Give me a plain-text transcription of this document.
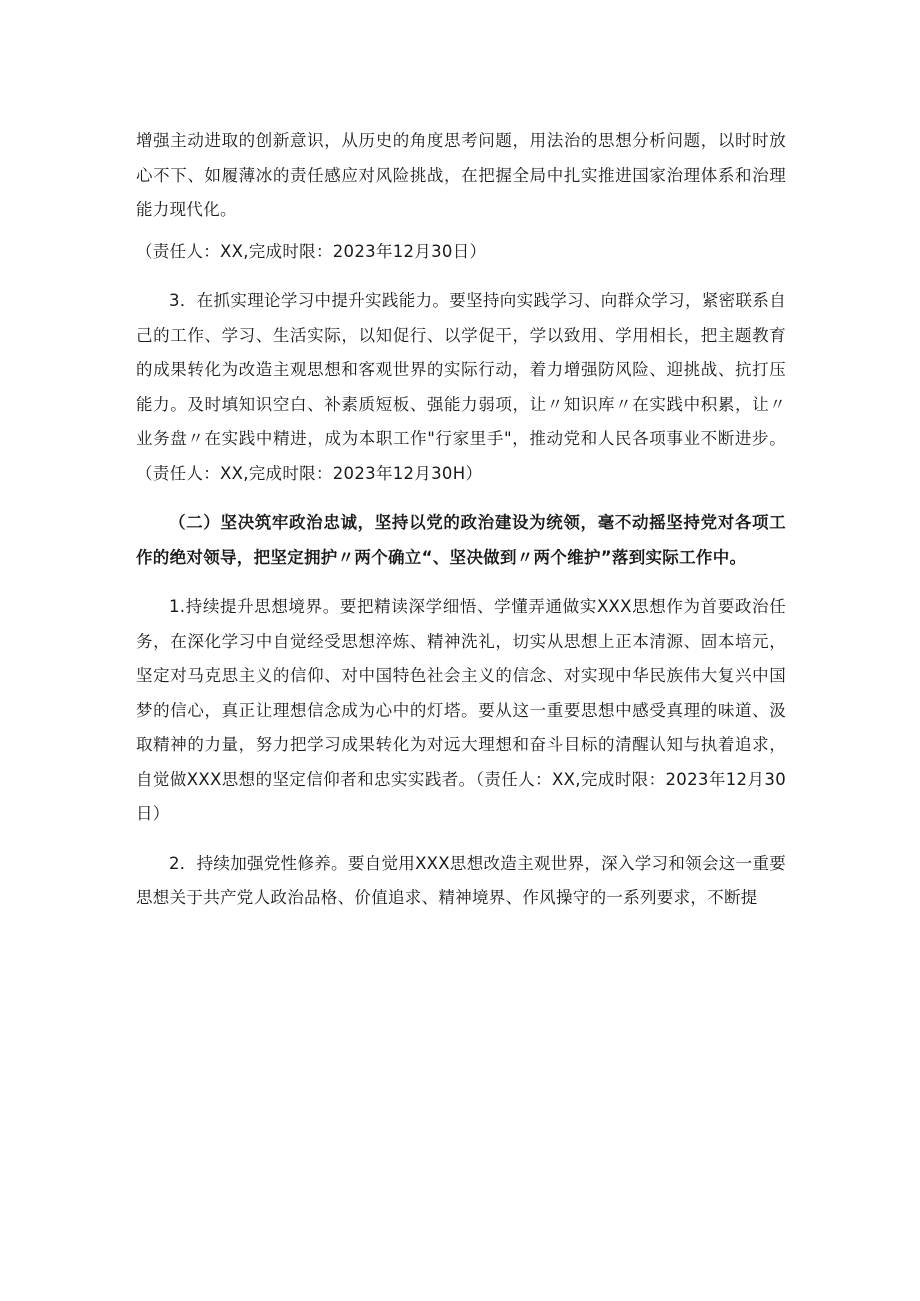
增强主动进取的创新意识，从历史的角度思考问题，用法治的思想分析问题，以时时放心不下、如履薄冰的责任感应对风险挑战，在把握全局中扎实推进国家治理体系和治理能力现代化。

（责任人：XX,完成时限：2023年12月30日）

3．在抓实理论学习中提升实践能力。要坚持向实践学习、向群众学习，紧密联系自己的工作、学习、生活实际，以知促行、以学促干，学以致用、学用相长，把主题教育的成果转化为改造主观思想和客观世界的实际行动，着力增强防风险、迎挑战、抗打压能力。及时填知识空白、补素质短板、强能力弱项，让〃知识库〃在实践中积累，让〃业务盘〃在实践中精进，成为本职工作"行家里手"，推动党和人民各项事业不断进步。（责任人：XX,完成时限：2023年12月30H）

（二）坚决筑牢政治忠诚，坚持以党的政治建设为统领，毫不动摇坚持党对各项工作的绝对领导，把坚定拥护〃两个确立“、坚决做到〃两个维护”落到实际工作中。

1.持续提升思想境界。要把精读深学细悟、学懂弄通做实XXX思想作为首要政治任务，在深化学习中自觉经受思想淬炼、精神洗礼，切实从思想上正本清源、固本培元，坚定对马克思主义的信仰、对中国特色社会主义的信念、对实现中华民族伟大复兴中国梦的信心，真正让理想信念成为心中的灯塔。要从这一重要思想中感受真理的味道、汲取精神的力量，努力把学习成果转化为对远大理想和奋斗目标的清醒认知与执着追求，自觉做XXX思想的坚定信仰者和忠实实践者。（责任人：XX,完成时限：2023年12月30日）

2．持续加强党性修养。要自觉用XXX思想改造主观世界，深入学习和领会这一重要思想关于共产党人政治品格、价值追求、精神境界、作风操守的一系列要求，不断提
